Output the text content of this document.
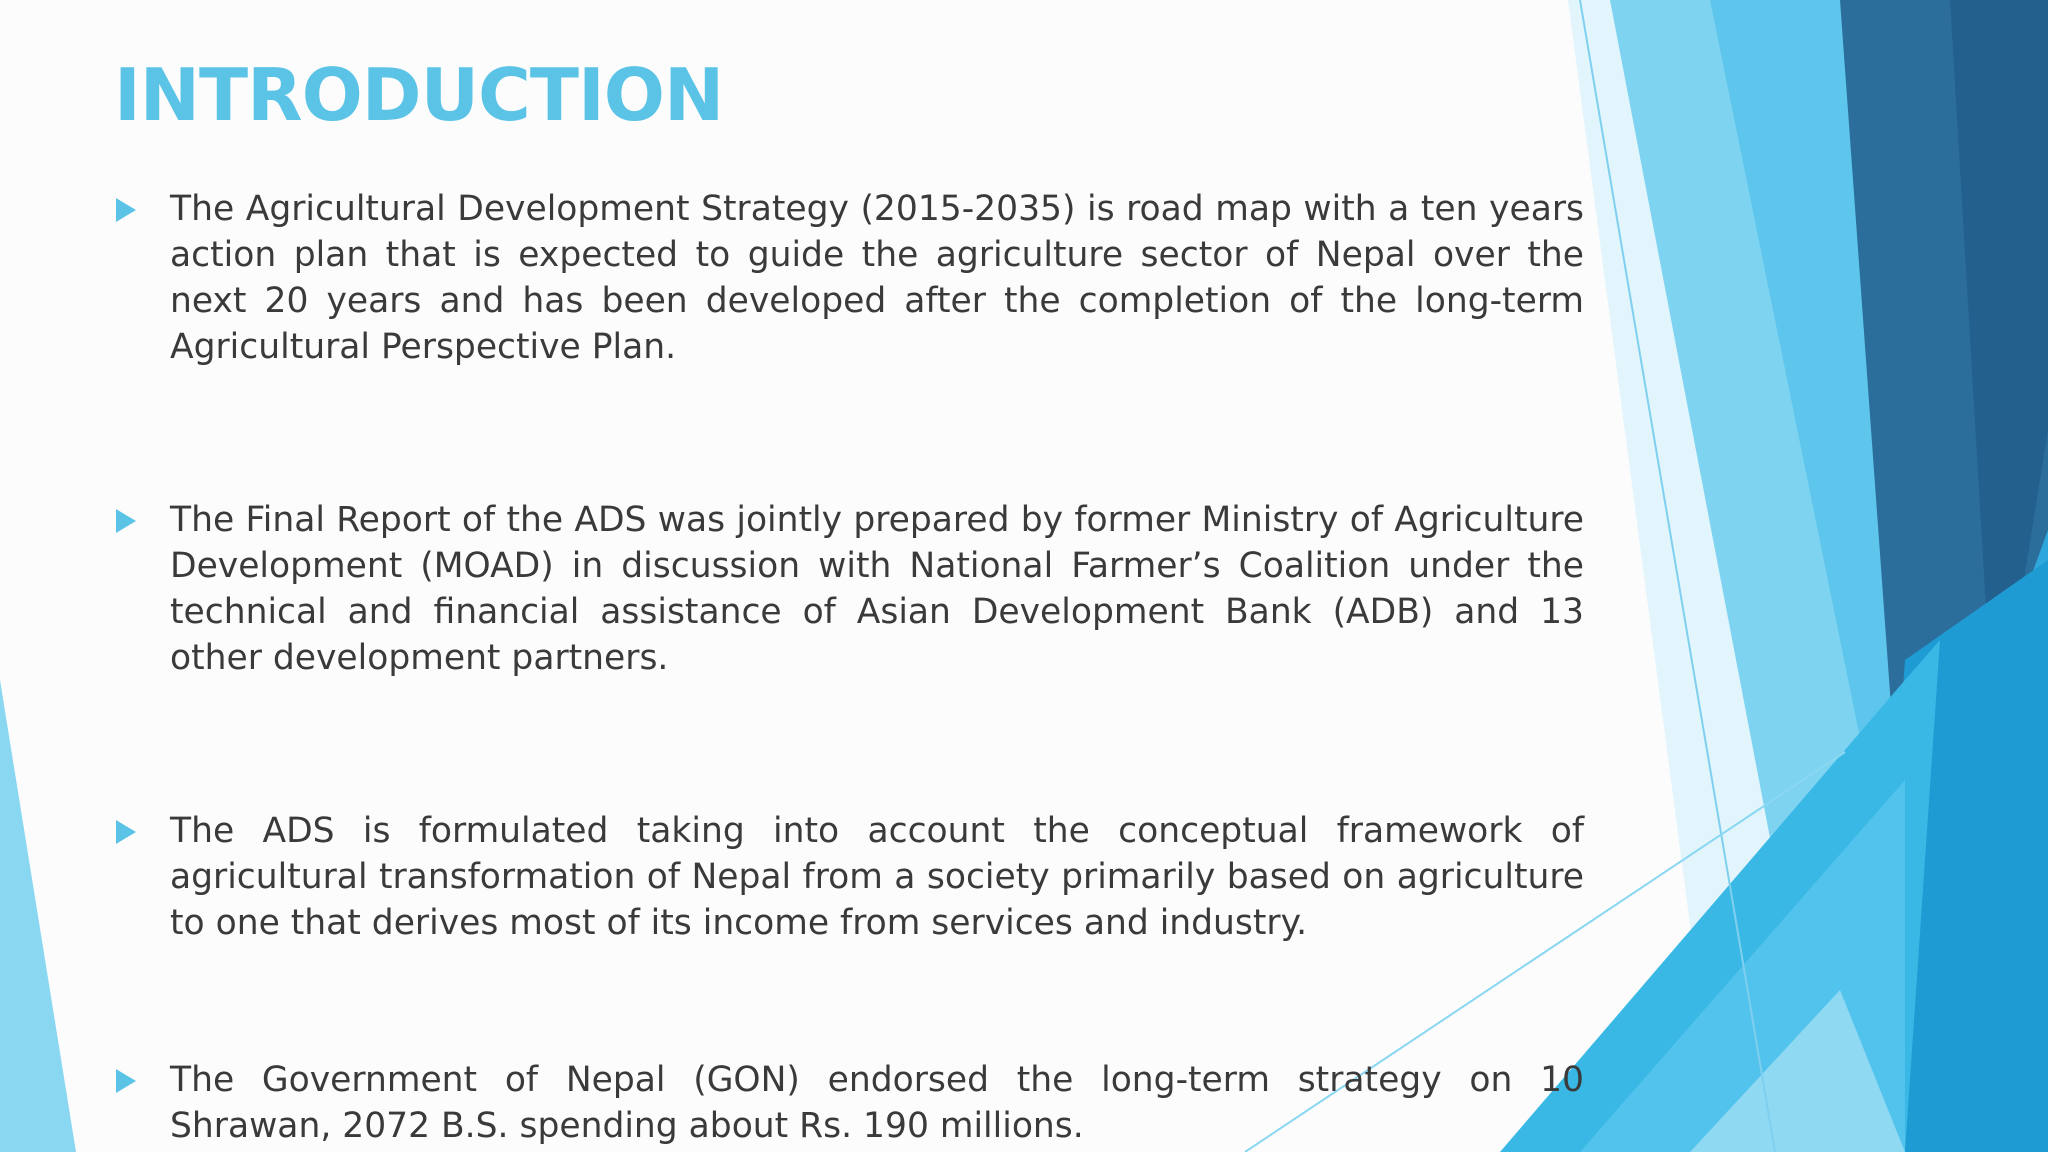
INTRODUCTION
The Agricultural Development Strategy (2015-2035) is road map with a ten years action plan that is expected to guide the agriculture sector of Nepal over the next 20 years and has been developed after the completion of the long-term Agricultural Perspective Plan.
The Final Report of the ADS was jointly prepared by former Ministry of Agriculture Development (MOAD) in discussion with National Farmer’s Coalition under the technical and financial assistance of Asian Development Bank (ADB) and 13 other development partners.
The ADS is formulated taking into account the conceptual framework of agricultural transformation of Nepal from a society primarily based on agriculture to one that derives most of its income from services and industry.
The Government of Nepal (GON) endorsed the long-term strategy on 10 Shrawan, 2072 B.S. spending about Rs. 190 millions.
